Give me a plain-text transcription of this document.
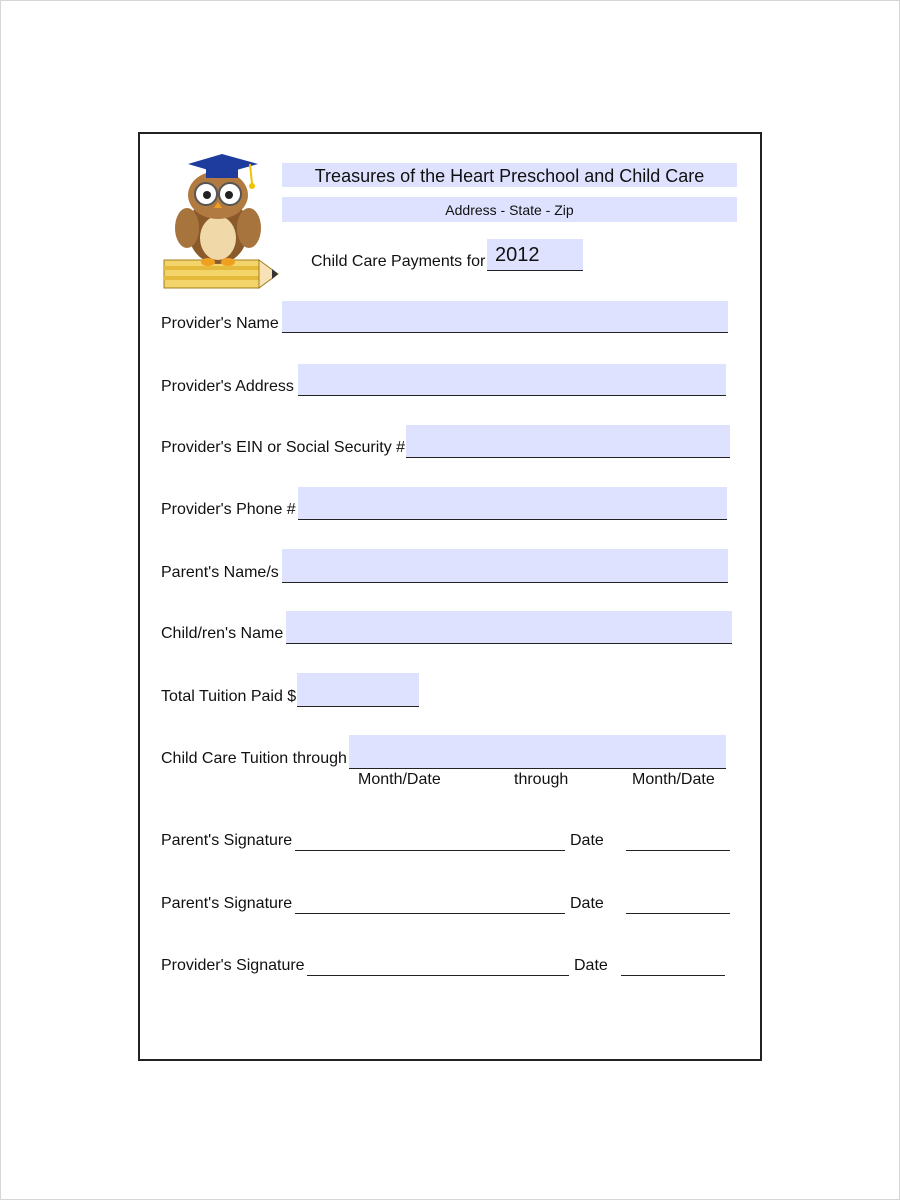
Treasures of the Heart Preschool and Child Care
Address - State - Zip
Child Care Payments for 2012
Provider's Name
Provider's Address
Provider's EIN or Social Security #
Provider's Phone #
Parent's Name/s
Child/ren's Name
Total Tuition Paid $
Child Care Tuition through
Month/Date	through	Month/Date
Parent's Signature	Date
Parent's Signature	Date
Provider's Signature	Date
